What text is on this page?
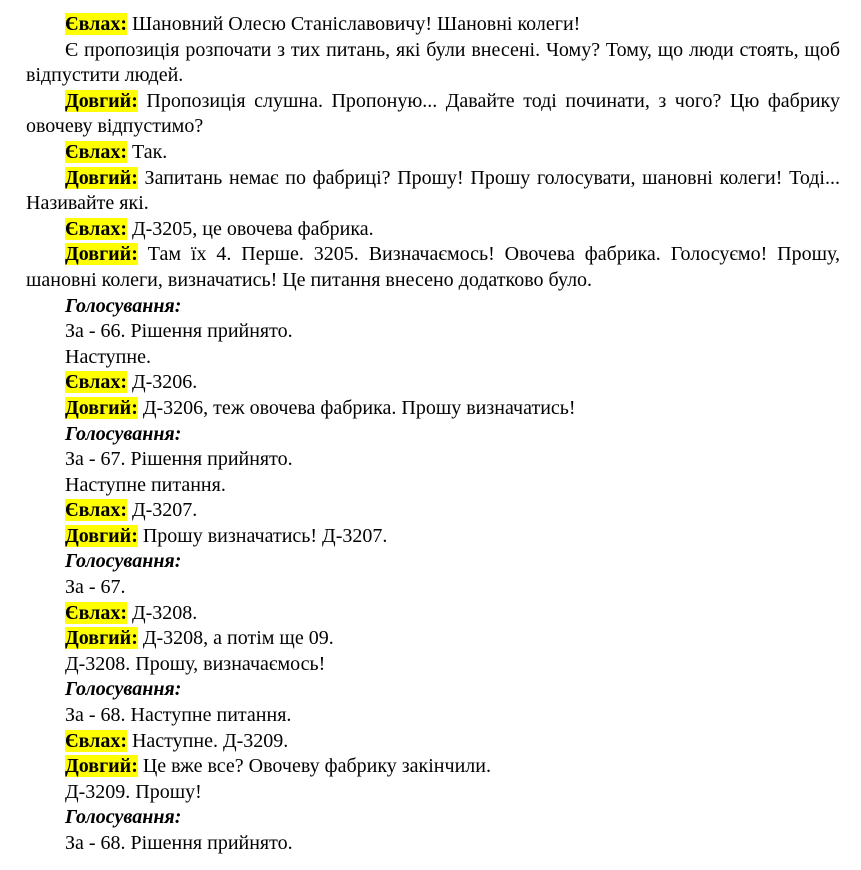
Євлах: Шановний Олесю Станіславовичу! Шановні колеги!

Є пропозиція розпочати з тих питань, які були внесені. Чому? Тому, що люди стоять, щоб відпустити людей.

Довгий: Пропозиція слушна. Пропоную... Давайте тоді починати, з чого? Цю фабрику овочеву відпустимо?

Євлах: Так.

Довгий: Запитань немає по фабриці? Прошу! Прошу голосувати, шановні колеги! Тоді... Називайте які.

Євлах: Д-3205, це овочева фабрика.

Довгий: Там їх 4. Перше. 3205. Визначаємось! Овочева фабрика. Голосуємо! Прошу, шановні колеги, визначатись! Це питання внесено додатково було.

Голосування:

За - 66. Рішення прийнято.

Наступне.

Євлах: Д-3206.

Довгий: Д-3206, теж овочева фабрика. Прошу визначатись!

Голосування:

За - 67. Рішення прийнято.

Наступне питання.

Євлах: Д-3207.

Довгий: Прошу визначатись! Д-3207.

Голосування:

За - 67.

Євлах: Д-3208.

Довгий: Д-3208, а потім ще 09.

Д-3208. Прошу, визначаємось!

Голосування:

За - 68. Наступне питання.

Євлах: Наступне. Д-3209.

Довгий: Це вже все? Овочеву фабрику закінчили.

Д-3209. Прошу!

Голосування:

За - 68. Рішення прийнято.
